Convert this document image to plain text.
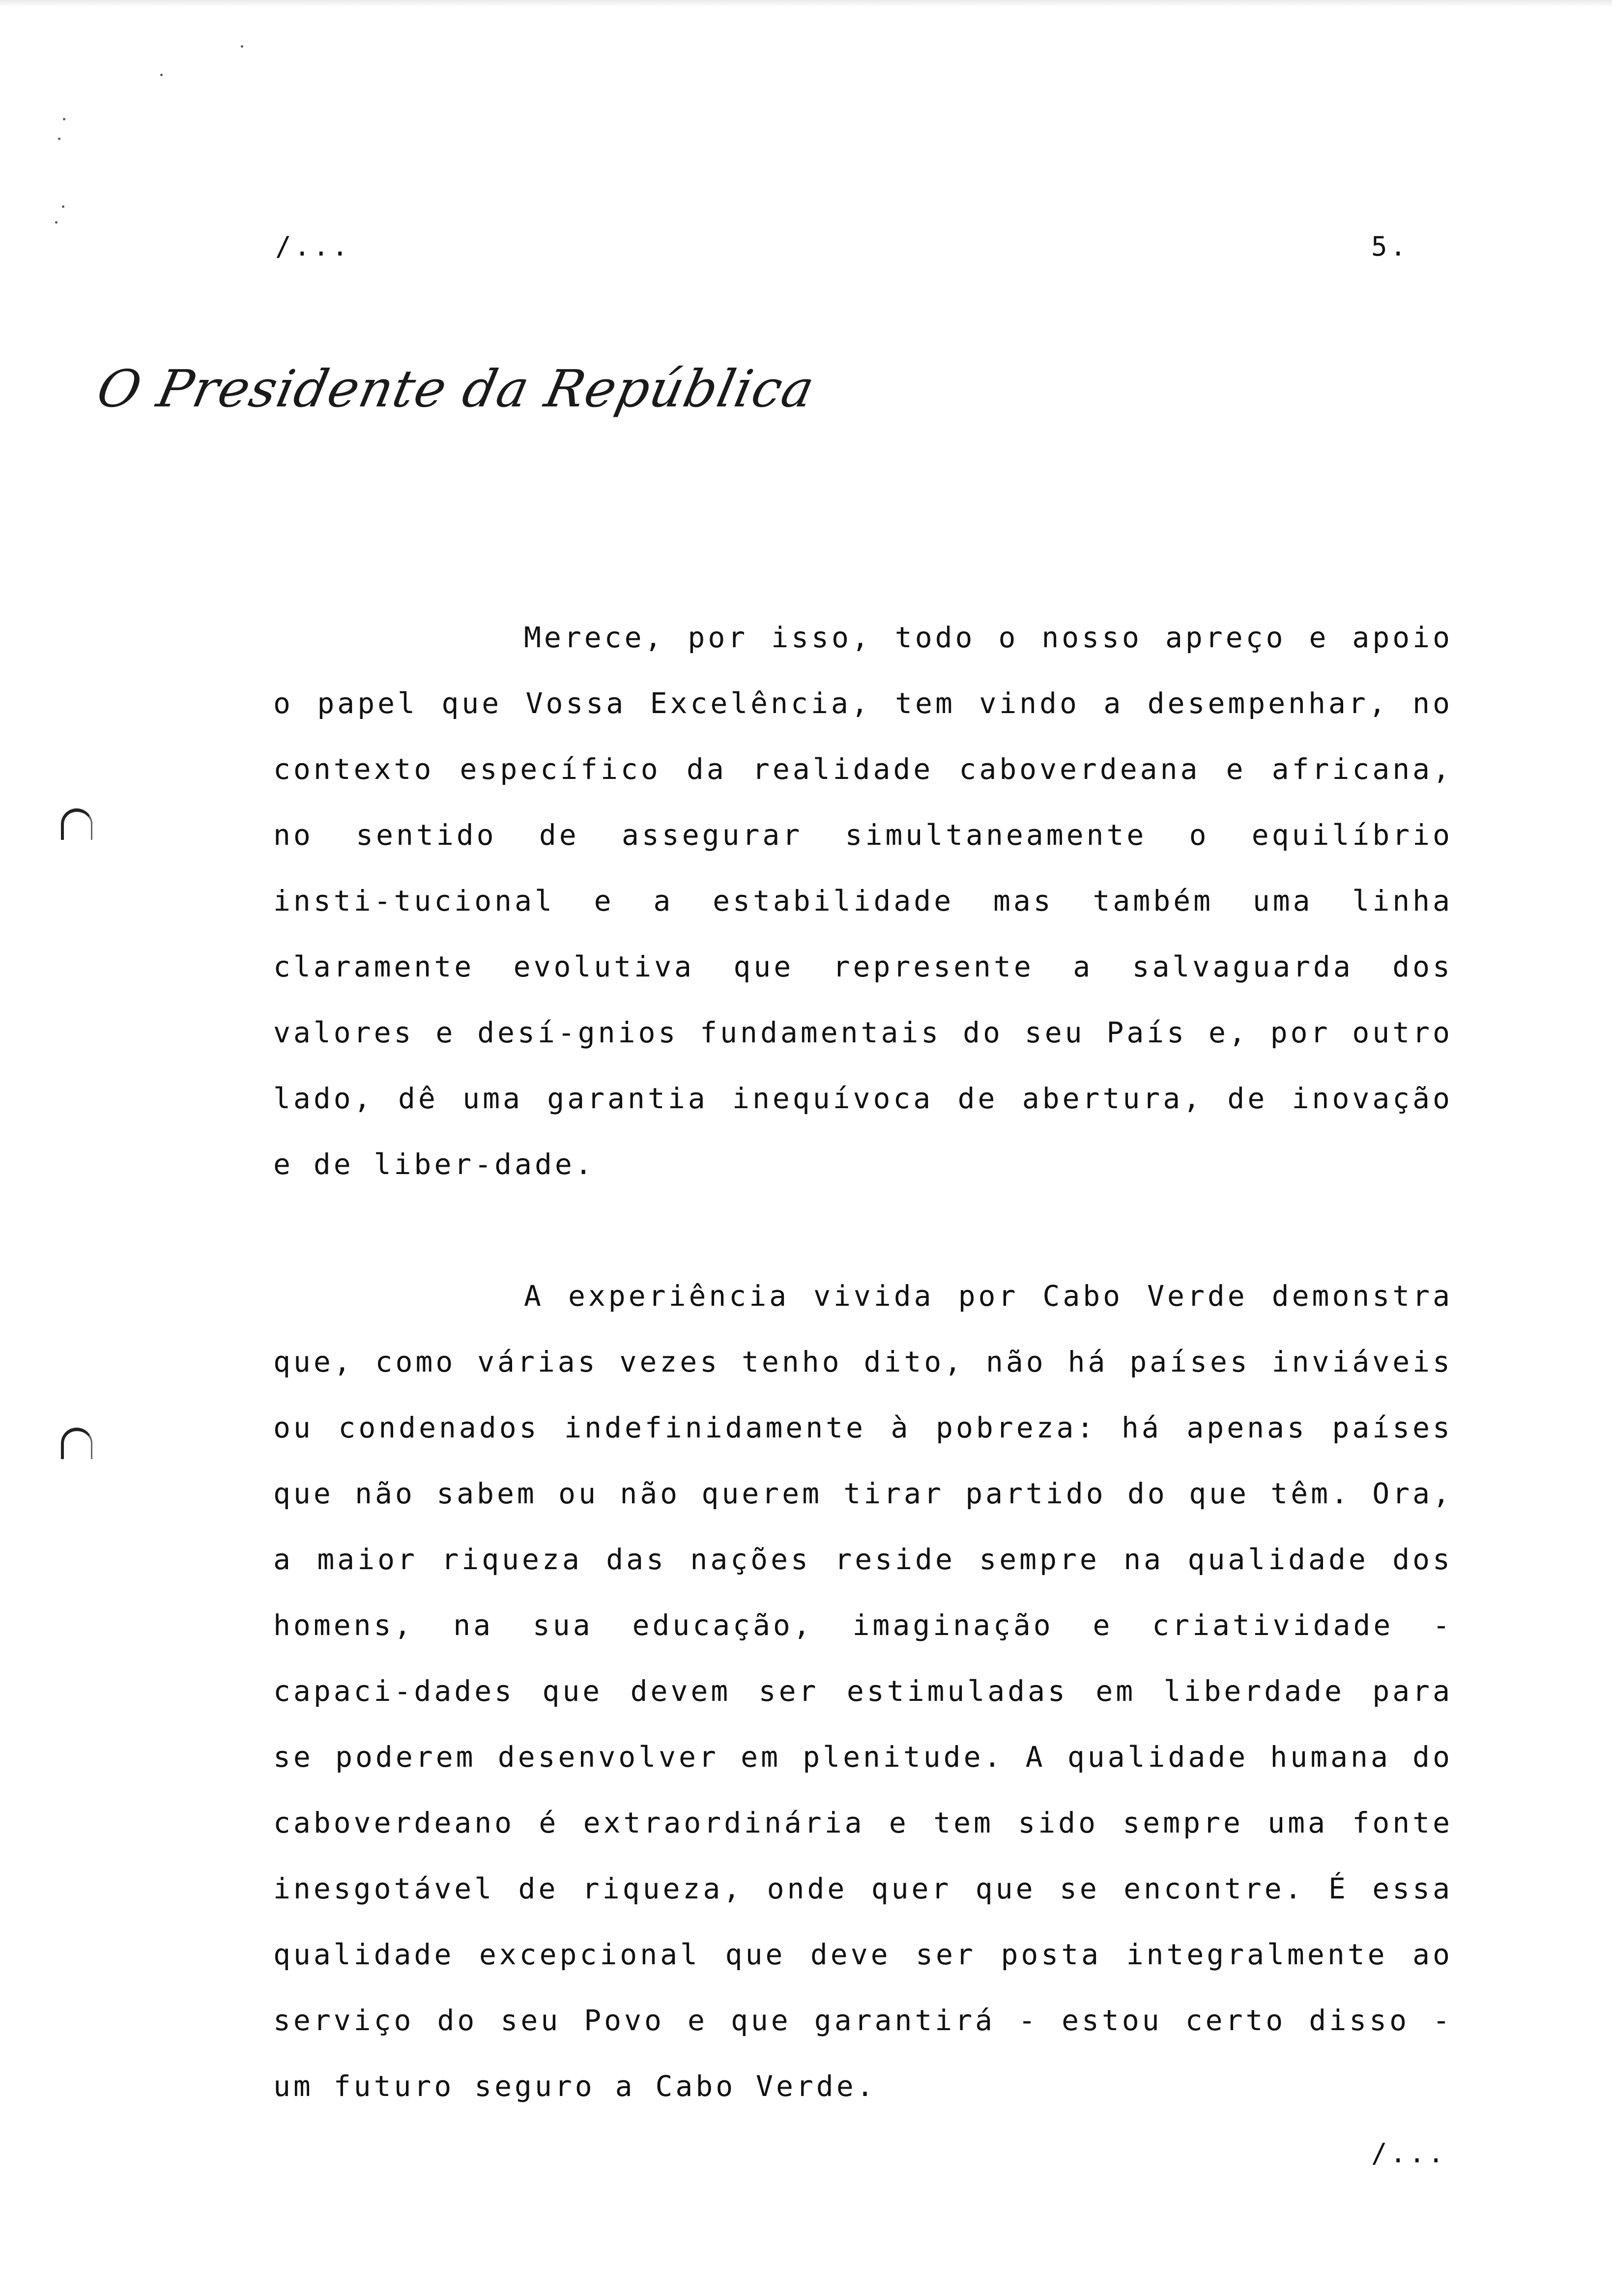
/...	5.
O Presidente da República

Merece, por isso, todo o nosso apreço e apoio o papel que Vossa Excelência, tem vindo a desempenhar, no contexto específico da realidade caboverdeana e africana, no sentido de assegurar simultaneamente o equilíbrio insti-tucional e a estabilidade mas também uma linha claramente evolutiva que represente a salvaguarda dos valores e desí-gnios fundamentais do seu País e, por outro lado, dê uma garantia inequívoca de abertura, de inovação e de liber-dade.

A experiência vivida por Cabo Verde demonstra que, como várias vezes tenho dito, não há países inviáveis ou condenados indefinidamente à pobreza: há apenas países que não sabem ou não querem tirar partido do que têm. Ora, a maior riqueza das nações reside sempre na qualidade dos homens, na sua educação, imaginação e criatividade - capaci-dades que devem ser estimuladas em liberdade para se poderem desenvolver em plenitude. A qualidade humana do caboverdeano é extraordinária e tem sido sempre uma fonte inesgotável de riqueza, onde quer que se encontre. É essa qualidade excepcional que deve ser posta integralmente ao serviço do seu Povo e que garantirá - estou certo disso - um futuro seguro a Cabo Verde.

/...
